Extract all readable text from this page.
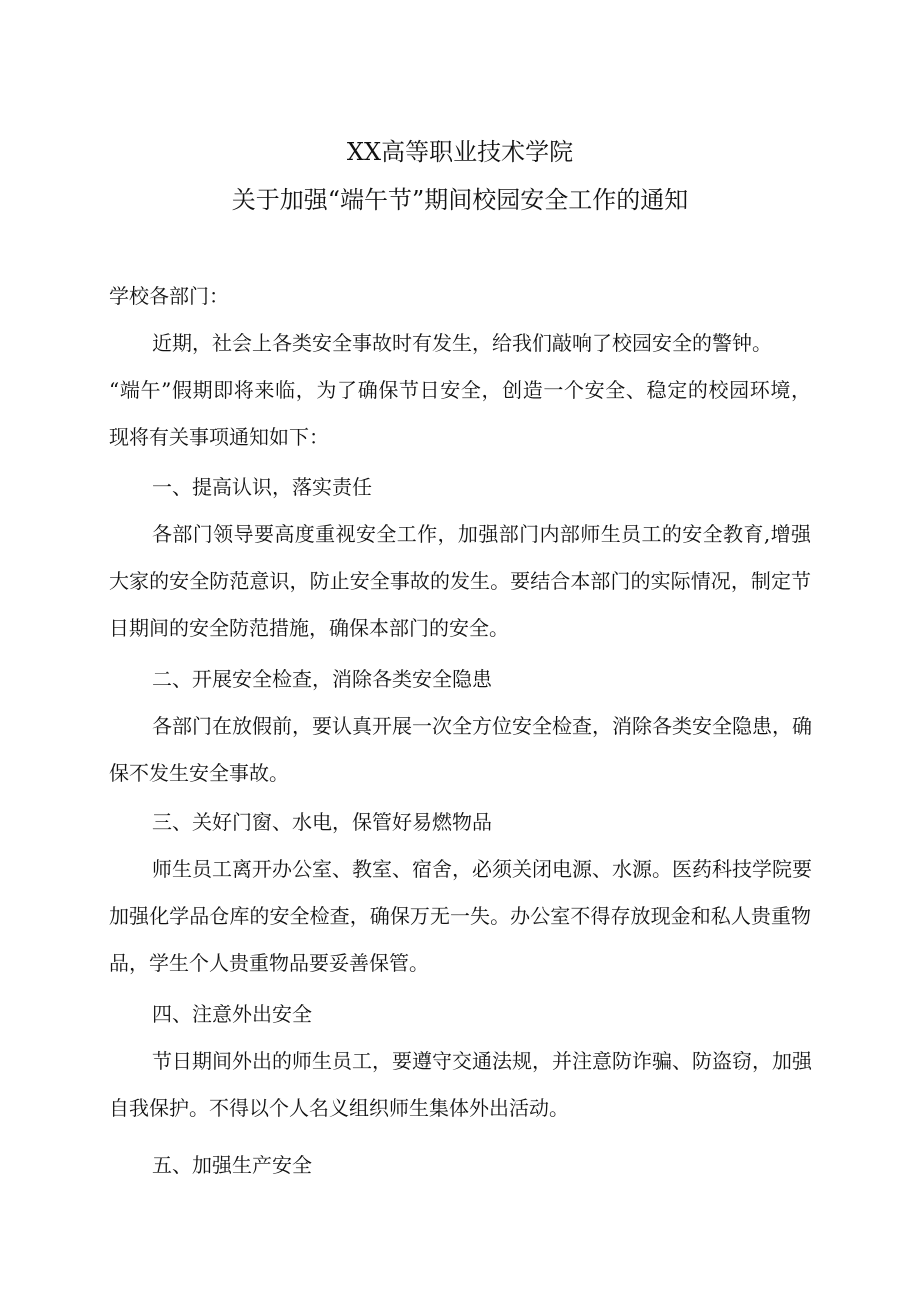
XX高等职业技术学院
关于加强“端午节”期间校园安全工作的通知
学校各部门：
近期，社会上各类安全事故时有发生，给我们敲响了校园安全的警钟。
“端午”假期即将来临，为了确保节日安全，创造一个安全、稳定的校园环境，
现将有关事项通知如下：
一、提高认识，落实责任
各部门领导要高度重视安全工作，加强部门内部师生员工的安全教育,增强
大家的安全防范意识，防止安全事故的发生。要结合本部门的实际情况，制定节
日期间的安全防范措施，确保本部门的安全。
二、开展安全检查，消除各类安全隐患
各部门在放假前，要认真开展一次全方位安全检查，消除各类安全隐患，确
保不发生安全事故。
三、关好门窗、水电，保管好易燃物品
师生员工离开办公室、教室、宿舍，必须关闭电源、水源。医药科技学院要
加强化学品仓库的安全检查，确保万无一失。办公室不得存放现金和私人贵重物
品，学生个人贵重物品要妥善保管。
四、注意外出安全
节日期间外出的师生员工，要遵守交通法规，并注意防诈骗、防盗窃，加强
自我保护。不得以个人名义组织师生集体外出活动。
五、加强生产安全
